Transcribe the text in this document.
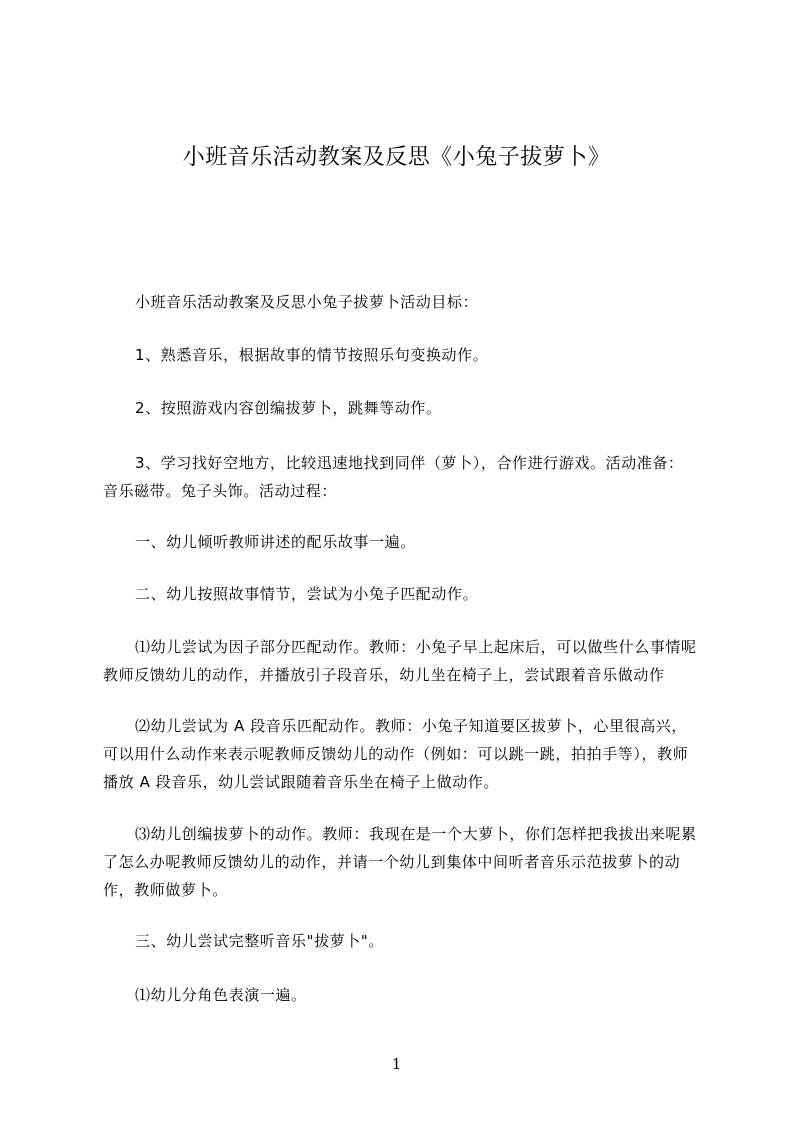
小班音乐活动教案及反思《小兔子拔萝卜》
小班音乐活动教案及反思小兔子拔萝卜活动目标：
1、熟悉音乐，根据故事的情节按照乐句变换动作。
2、按照游戏内容创编拔萝卜，跳舞等动作。
3、学习找好空地方，比较迅速地找到同伴（萝卜），合作进行游戏。活动准备：音乐磁带。兔子头饰。活动过程：
一、幼儿倾听教师讲述的配乐故事一遍。
二、幼儿按照故事情节，尝试为小兔子匹配动作。
⑴幼儿尝试为因子部分匹配动作。教师：小兔子早上起床后，可以做些什么事情呢教师反馈幼儿的动作，并播放引子段音乐，幼儿坐在椅子上，尝试跟着音乐做动作
⑵幼儿尝试为 A 段音乐匹配动作。教师：小兔子知道要区拔萝卜，心里很高兴，可以用什么动作来表示呢教师反馈幼儿的动作（例如：可以跳一跳，拍拍手等），教师播放 A 段音乐，幼儿尝试跟随着音乐坐在椅子上做动作。
⑶幼儿创编拔萝卜的动作。教师：我现在是一个大萝卜，你们怎样把我拔出来呢累了怎么办呢教师反馈幼儿的动作，并请一个幼儿到集体中间听者音乐示范拔萝卜的动作，教师做萝卜。
三、幼儿尝试完整听音乐"拔萝卜"。
⑴幼儿分角色表演一遍。
1
